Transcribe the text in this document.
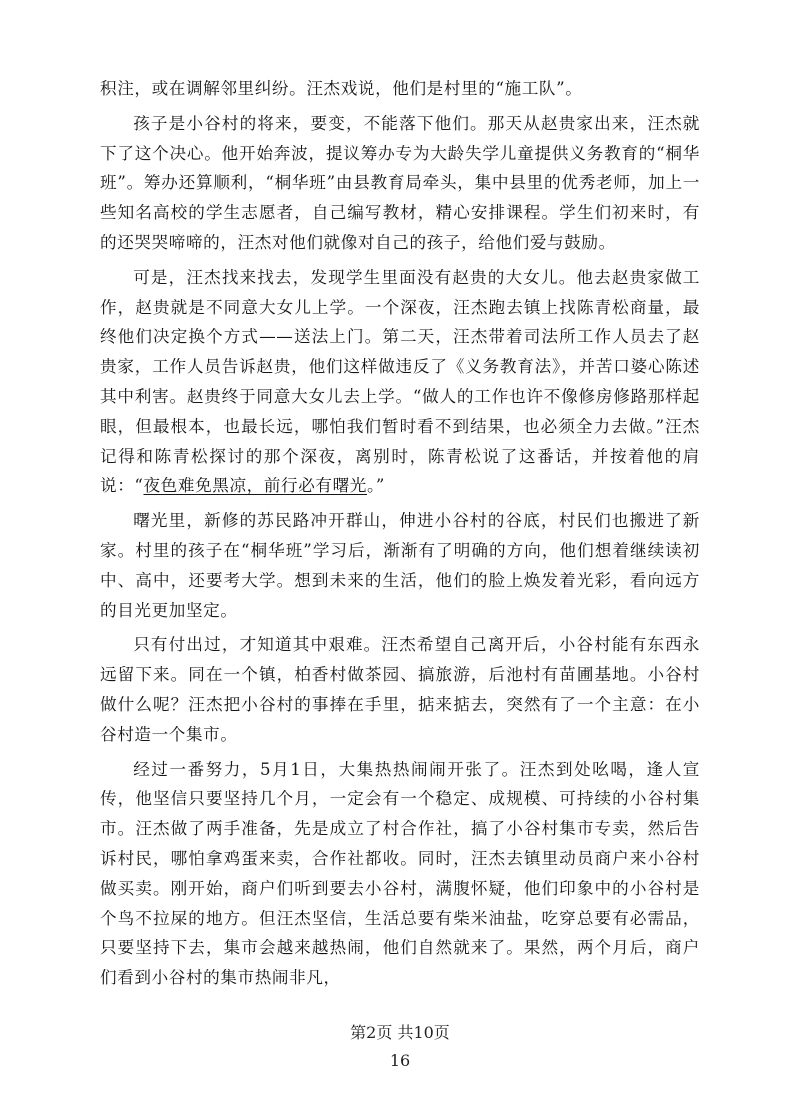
积注，或在调解邻里纠纷。汪杰戏说，他们是村里的“施工队”。

孩子是小谷村的将来，要变，不能落下他们。那天从赵贵家出来，汪杰就下了这个决心。他开始奔波，提议筹办专为大龄失学儿童提供义务教育的“桐华班”。筹办还算顺利，“桐华班”由县教育局牵头，集中县里的优秀老师，加上一些知名高校的学生志愿者，自己编写教材，精心安排课程。学生们初来时，有的还哭哭啼啼的，汪杰对他们就像对自己的孩子，给他们爱与鼓励。

可是，汪杰找来找去，发现学生里面没有赵贵的大女儿。他去赵贵家做工作，赵贵就是不同意大女儿上学。一个深夜，汪杰跑去镇上找陈青松商量，最终他们决定换个方式——送法上门。第二天，汪杰带着司法所工作人员去了赵贵家，工作人员告诉赵贵，他们这样做违反了《义务教育法》，并苦口婆心陈述其中利害。赵贵终于同意大女儿去上学。“做人的工作也许不像修房修路那样起眼，但最根本，也最长远，哪怕我们暂时看不到结果，也必须全力去做。”汪杰记得和陈青松探讨的那个深夜，离别时，陈青松说了这番话，并按着他的肩说：“夜色难免黑凉，前行必有曙光。”

曙光里，新修的苏民路冲开群山，伸进小谷村的谷底，村民们也搬进了新家。村里的孩子在“桐华班”学习后，渐渐有了明确的方向，他们想着继续读初中、高中，还要考大学。想到未来的生活，他们的脸上焕发着光彩，看向远方的目光更加坚定。

只有付出过，才知道其中艰难。汪杰希望自己离开后，小谷村能有东西永远留下来。同在一个镇，柏香村做茶园、搞旅游，后池村有苗圃基地。小谷村做什么呢？汪杰把小谷村的事捧在手里，掂来掂去，突然有了一个主意：在小谷村造一个集市。

经过一番努力，5月1日，大集热热闹闹开张了。汪杰到处吆喝，逢人宣传，他坚信只要坚持几个月，一定会有一个稳定、成规模、可持续的小谷村集市。汪杰做了两手准备，先是成立了村合作社，搞了小谷村集市专卖，然后告诉村民，哪怕拿鸡蛋来卖，合作社都收。同时，汪杰去镇里动员商户来小谷村做买卖。刚开始，商户们听到要去小谷村，满腹怀疑，他们印象中的小谷村是个鸟不拉屎的地方。但汪杰坚信，生活总要有柴米油盐，吃穿总要有必需品，只要坚持下去，集市会越来越热闹，他们自然就来了。果然，两个月后，商户们看到小谷村的集市热闹非凡，

第2页 共10页
16
